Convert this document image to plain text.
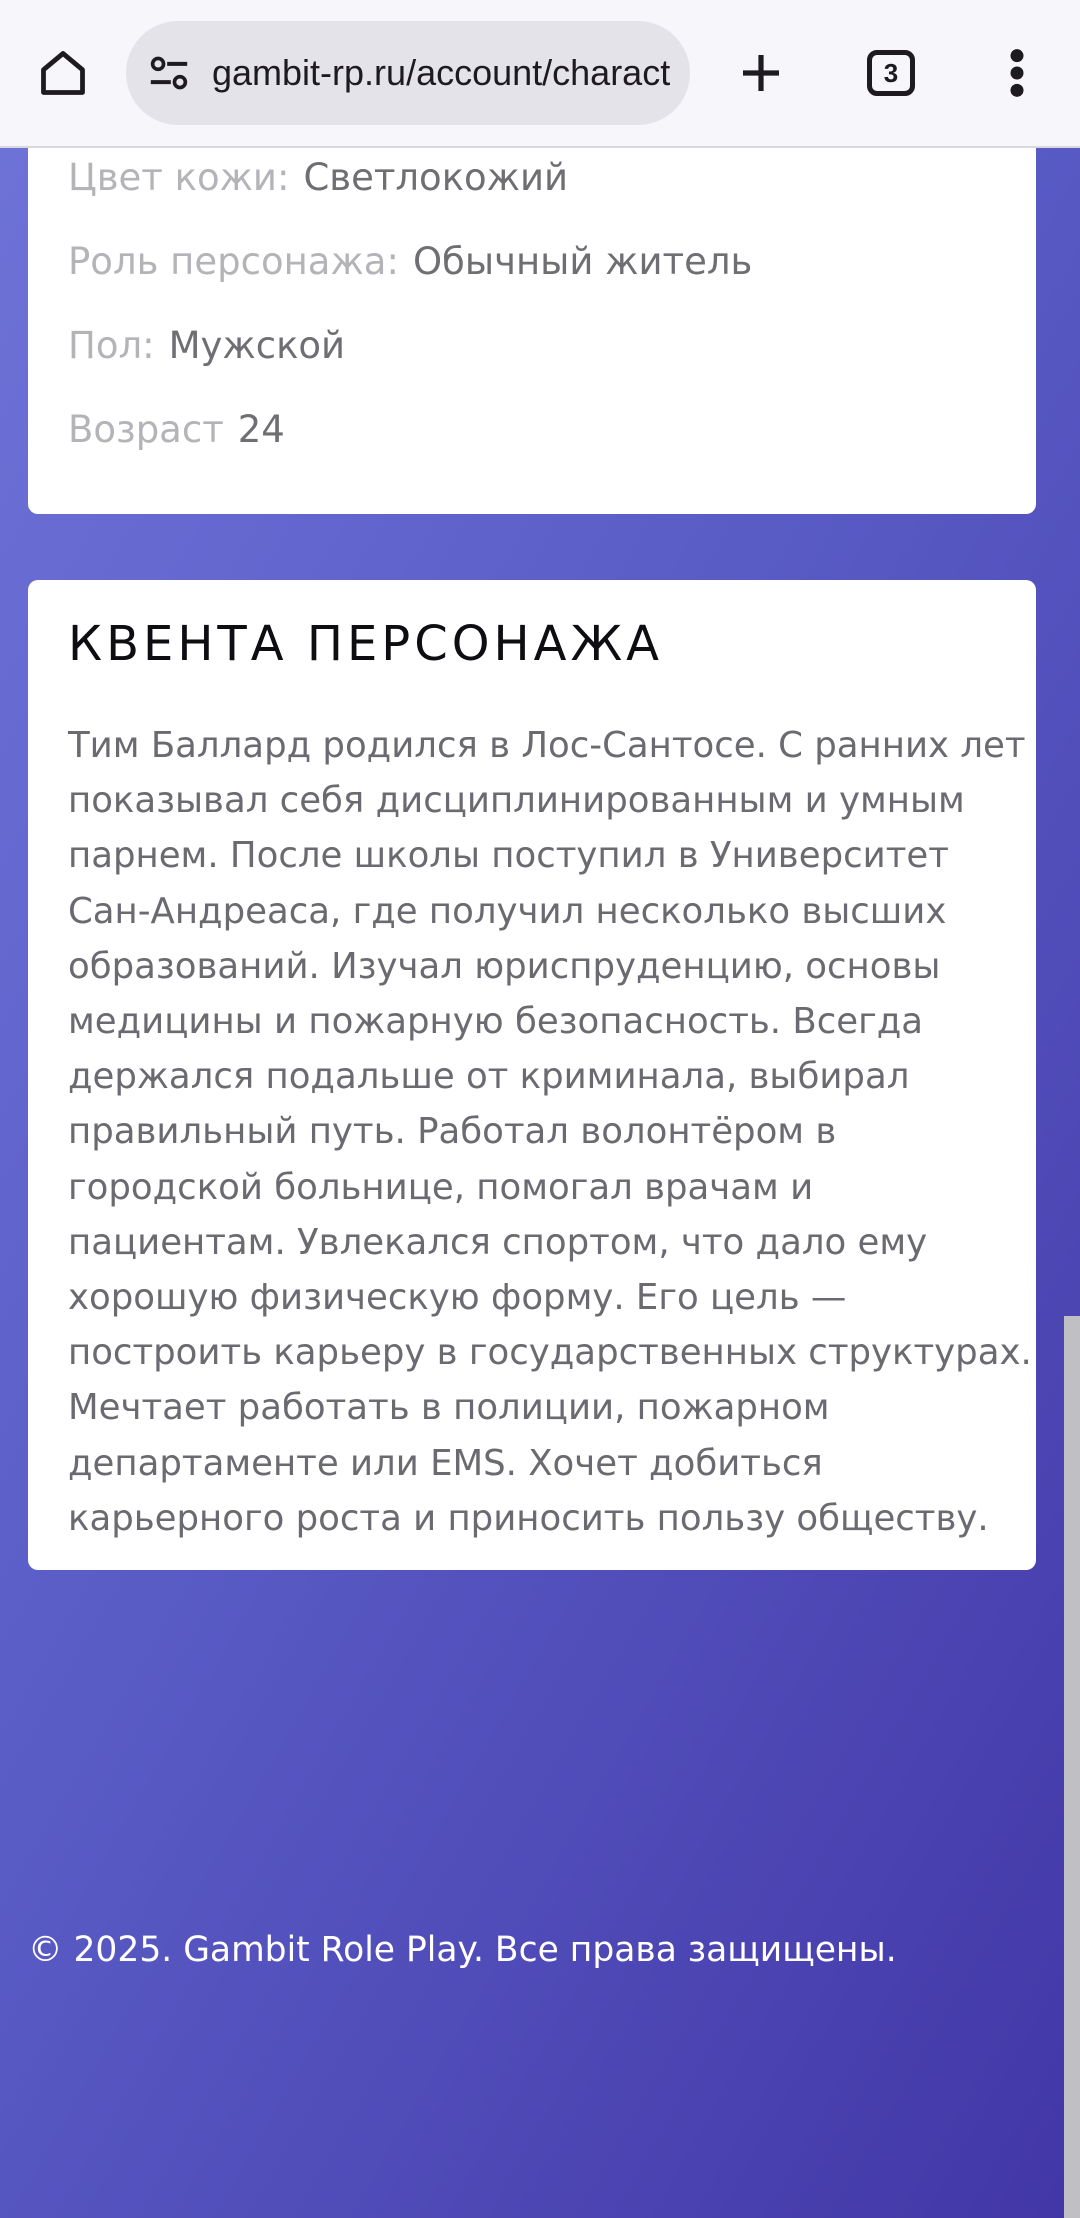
gambit-rp.ru/account/charact	3
Цвет кожи: Светлокожий
Роль персонажа: Обычный житель
Пол: Мужской
Возраст 24
КВЕНТА ПЕРСОНАЖА
Тим Баллард родился в Лос-Сантосе. С ранних лет показывал себя дисциплинированным и умным парнем. После школы поступил в Университет Сан-Андреаса, где получил несколько высших образований. Изучал юриспруденцию, основы медицины и пожарную безопасность. Всегда держался подальше от криминала, выбирал правильный путь. Работал волонтёром в городской больнице, помогал врачам и пациентам. Увлекался спортом, что дало ему хорошую физическую форму. Его цель — построить карьеру в государственных структурах. Мечтает работать в полиции, пожарном департаменте или EMS. Хочет добиться карьерного роста и приносить пользу обществу.
© 2025. Gambit Role Play. Все права защищены.
